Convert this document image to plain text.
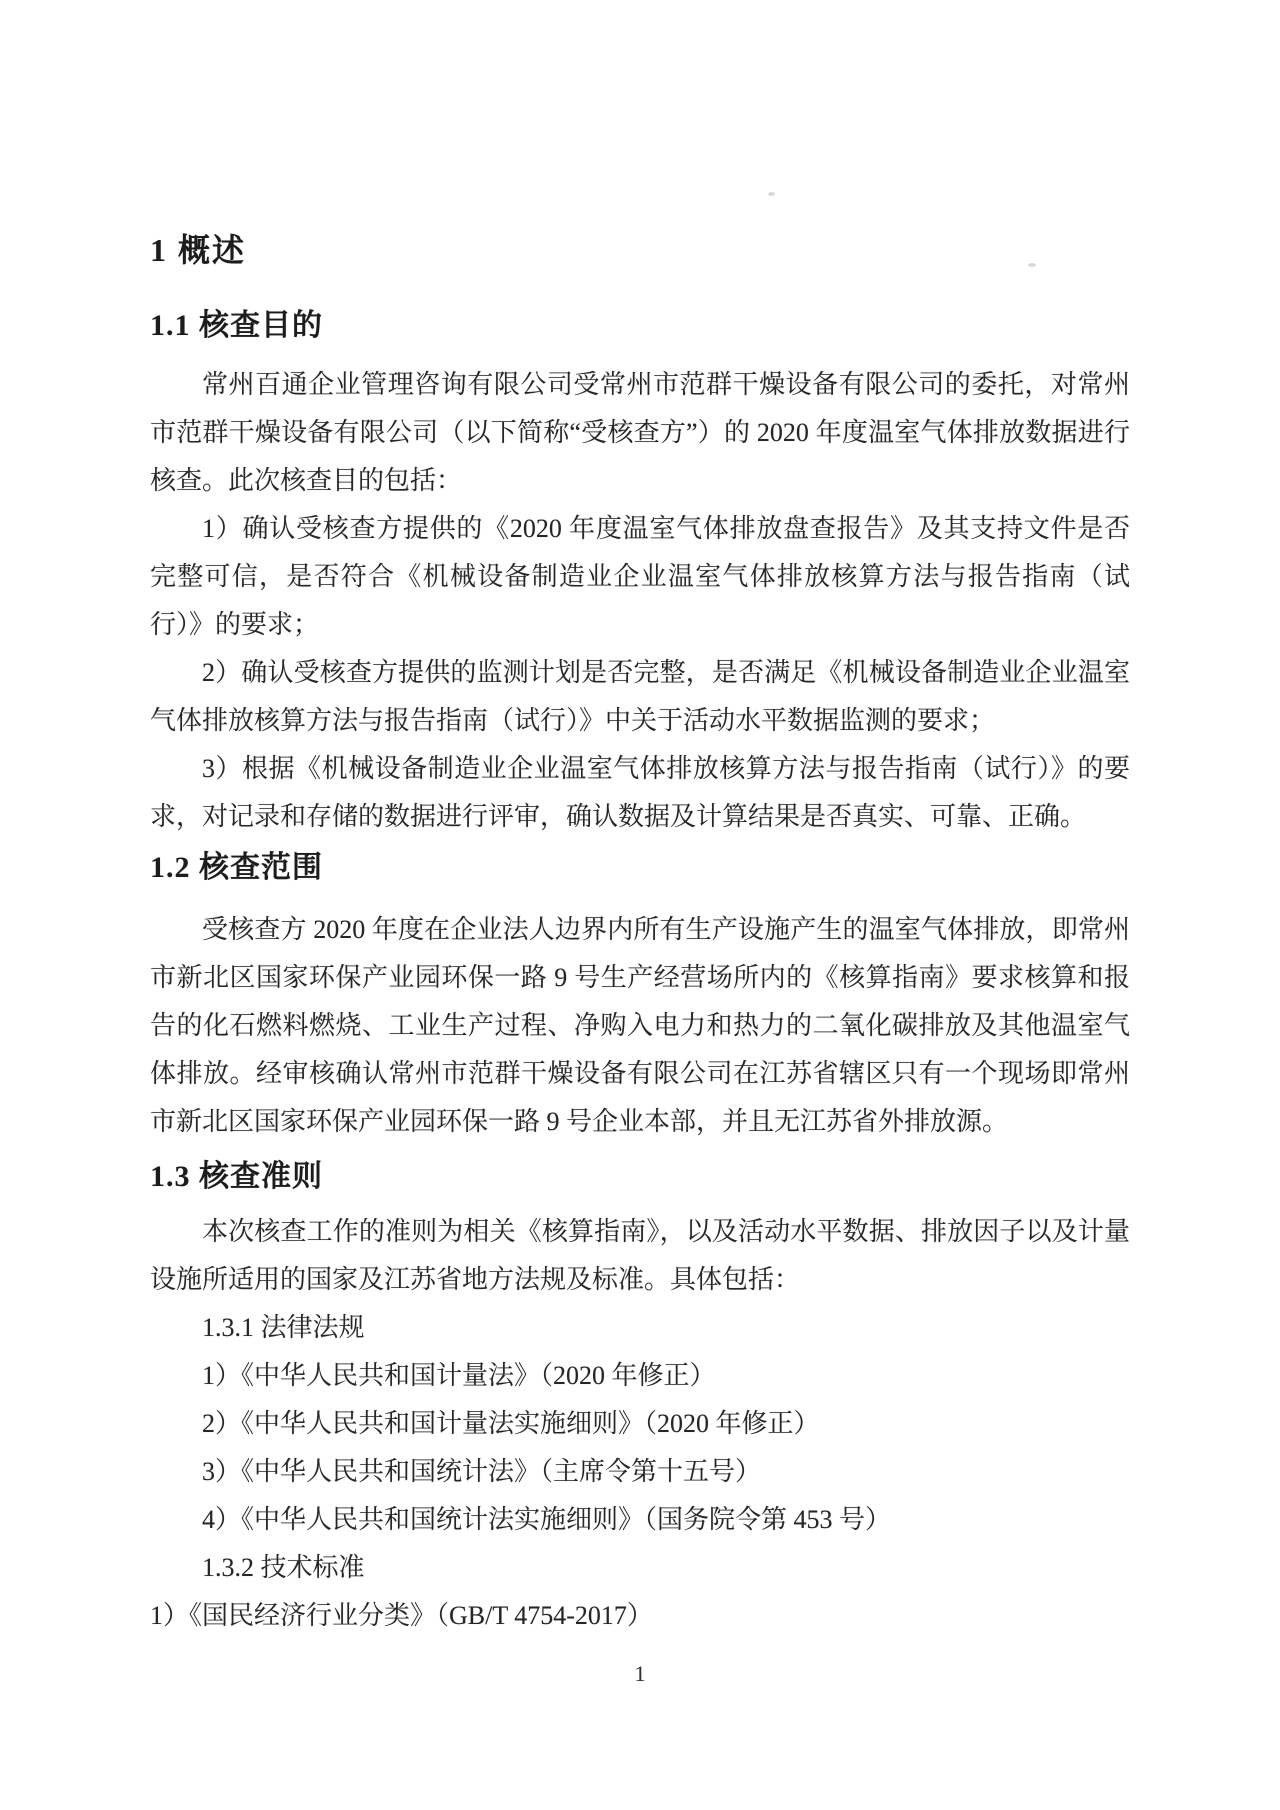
1 概述
1.1 核查目的

常州百通企业管理咨询有限公司受常州市范群干燥设备有限公司的委托，对常州市范群干燥设备有限公司（以下简称“受核查方”）的 2020 年度温室气体排放数据进行核查。此次核查目的包括：

1）确认受核查方提供的《2020 年度温室气体排放盘查报告》及其支持文件是否完整可信，是否符合《机械设备制造业企业温室气体排放核算方法与报告指南（试行）》的要求；

2）确认受核查方提供的监测计划是否完整，是否满足《机械设备制造业企业温室气体排放核算方法与报告指南（试行）》中关于活动水平数据监测的要求；

3）根据《机械设备制造业企业温室气体排放核算方法与报告指南（试行）》的要求，对记录和存储的数据进行评审，确认数据及计算结果是否真实、可靠、正确。

1.2 核查范围

受核查方 2020 年度在企业法人边界内所有生产设施产生的温室气体排放，即常州市新北区国家环保产业园环保一路 9 号生产经营场所内的《核算指南》要求核算和报告的化石燃料燃烧、工业生产过程、净购入电力和热力的二氧化碳排放及其他温室气体排放。经审核确认常州市范群干燥设备有限公司在江苏省辖区只有一个现场即常州市新北区国家环保产业园环保一路 9 号企业本部，并且无江苏省外排放源。

1.3 核查准则

本次核查工作的准则为相关《核算指南》，以及活动水平数据、排放因子以及计量设施所适用的国家及江苏省地方法规及标准。具体包括：

1.3.1 法律法规

1）《中华人民共和国计量法》（2020 年修正）

2）《中华人民共和国计量法实施细则》（2020 年修正）

3）《中华人民共和国统计法》（主席令第十五号）

4）《中华人民共和国统计法实施细则》（国务院令第 453 号）

1.3.2 技术标准

1）《国民经济行业分类》（GB/T 4754-2017）

1
